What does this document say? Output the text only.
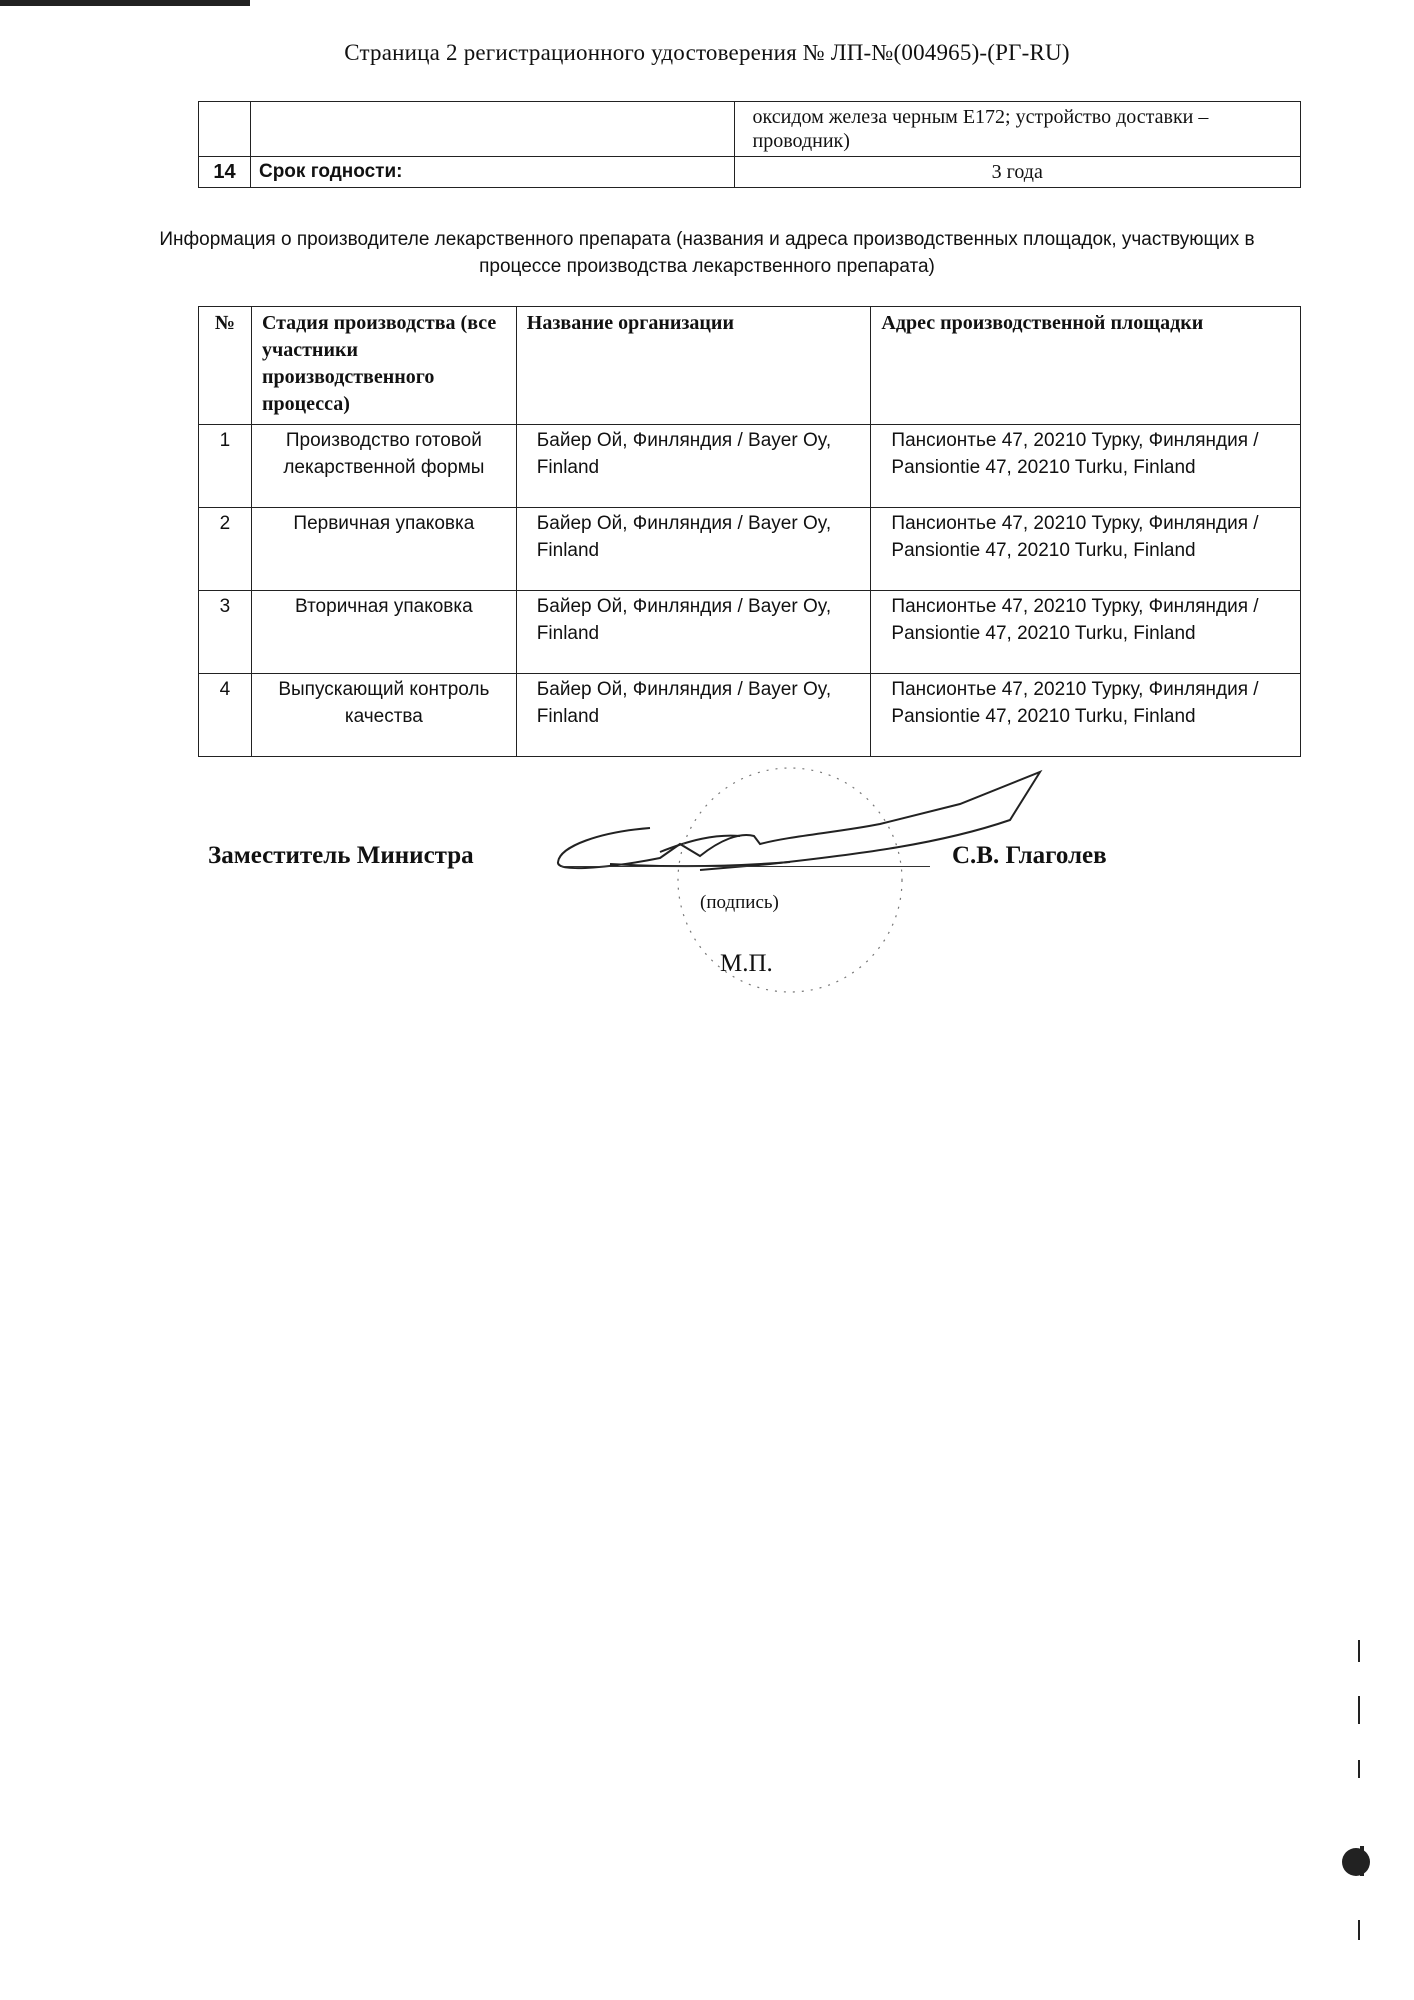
Страница 2 регистрационного удостоверения № ЛП-№(004965)-(РГ-RU)
		оксидом железа черным Е172; устройство доставки – проводник)
14	Срок годности:	3 года
Информация о производителе лекарственного препарата (названия и адреса производственных площадок, участвующих в процессе производства лекарственного препарата)
№	Стадия производства (все участники производственного процесса)	Название организации	Адрес производственной площадки
1	Производство готовой лекарственной формы	Байер Ой, Финляндия / Bayer Oy, Finland	Пансионтье 47, 20210 Турку, Финляндия / Pansiontie 47, 20210 Turku, Finland
2	Первичная упаковка	Байер Ой, Финляндия / Bayer Oy, Finland	Пансионтье 47, 20210 Турку, Финляндия / Pansiontie 47, 20210 Turku, Finland
3	Вторичная упаковка	Байер Ой, Финляндия / Bayer Oy, Finland	Пансионтье 47, 20210 Турку, Финляндия / Pansiontie 47, 20210 Turku, Finland
4	Выпускающий контроль качества	Байер Ой, Финляндия / Bayer Oy, Finland	Пансионтье 47, 20210 Турку, Финляндия / Pansiontie 47, 20210 Turku, Finland
Заместитель Министра	С.В. Глаголев
(подпись)
М.П.
